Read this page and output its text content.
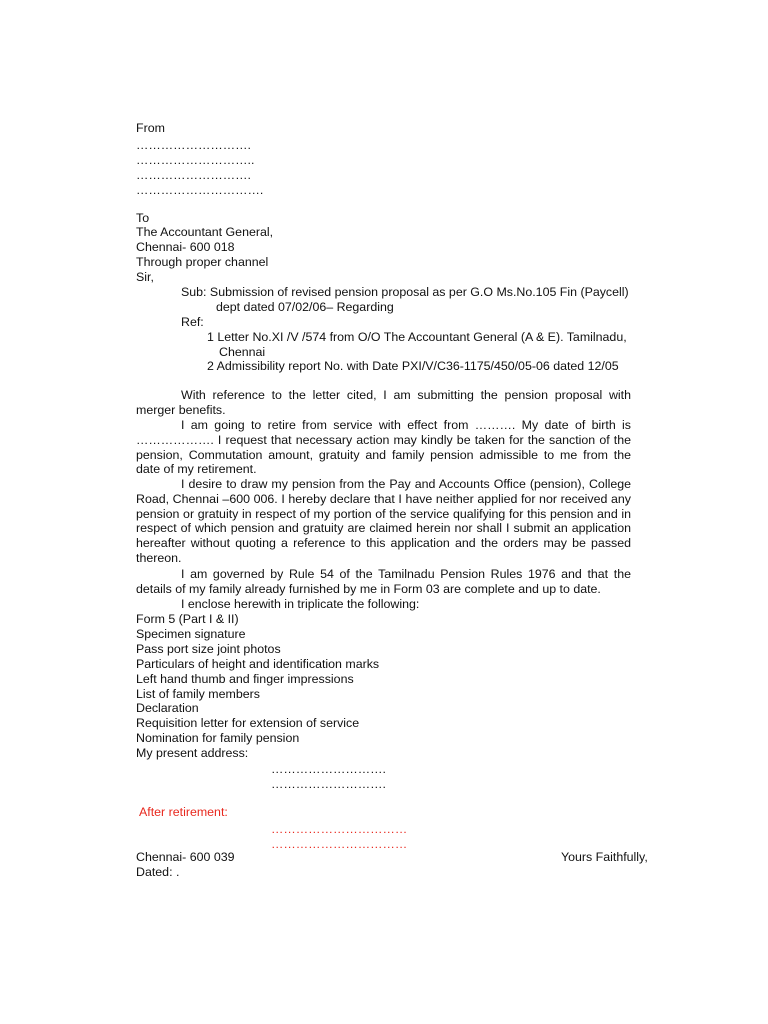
From
……………………….
………………………..
……………………….
………………………….
To
The Accountant General,
Chennai- 600 018
Through proper channel
Sir,
Sub: Submission of revised pension proposal as per G.O Ms.No.105 Fin (Paycell)
dept dated 07/02/06– Regarding
Ref:
1 Letter No.XI /V /574 from O/O The Accountant General (A & E). Tamilnadu,
Chennai
2 Admissibility report No. with Date PXI/V/C36-1175/450/05-06 dated 12/05
With reference to the letter cited, I am submitting the pension proposal with merger benefits.
I am going to retire from service with effect from ………. My date of birth is ………………. I request that necessary action may kindly be taken for the sanction of the pension, Commutation amount, gratuity and family pension admissible to me from the date of my retirement.
I desire to draw my pension from the Pay and Accounts Office (pension), College Road, Chennai –600 006. I hereby declare that I have neither applied for nor received any pension or gratuity in respect of my portion of the service qualifying for this pension and in respect of which pension and gratuity are claimed herein nor shall I submit an application hereafter without quoting a reference to this application and the orders may be passed thereon.
I am governed by Rule 54 of the Tamilnadu Pension Rules 1976 and that the details of my family already furnished by me in Form 03 are complete and up to date.
I enclose herewith in triplicate the following:
Form 5 (Part I & II)
Specimen signature
Pass port size joint photos
Particulars of height and identification marks
Left hand thumb and finger impressions
List of family members
Declaration
Requisition letter for extension of service
Nomination for family pension
My present address:
……………………….
……………………….
After retirement:
……………………………
……………………………
Chennai- 600 039	Yours Faithfully,
Dated: .
